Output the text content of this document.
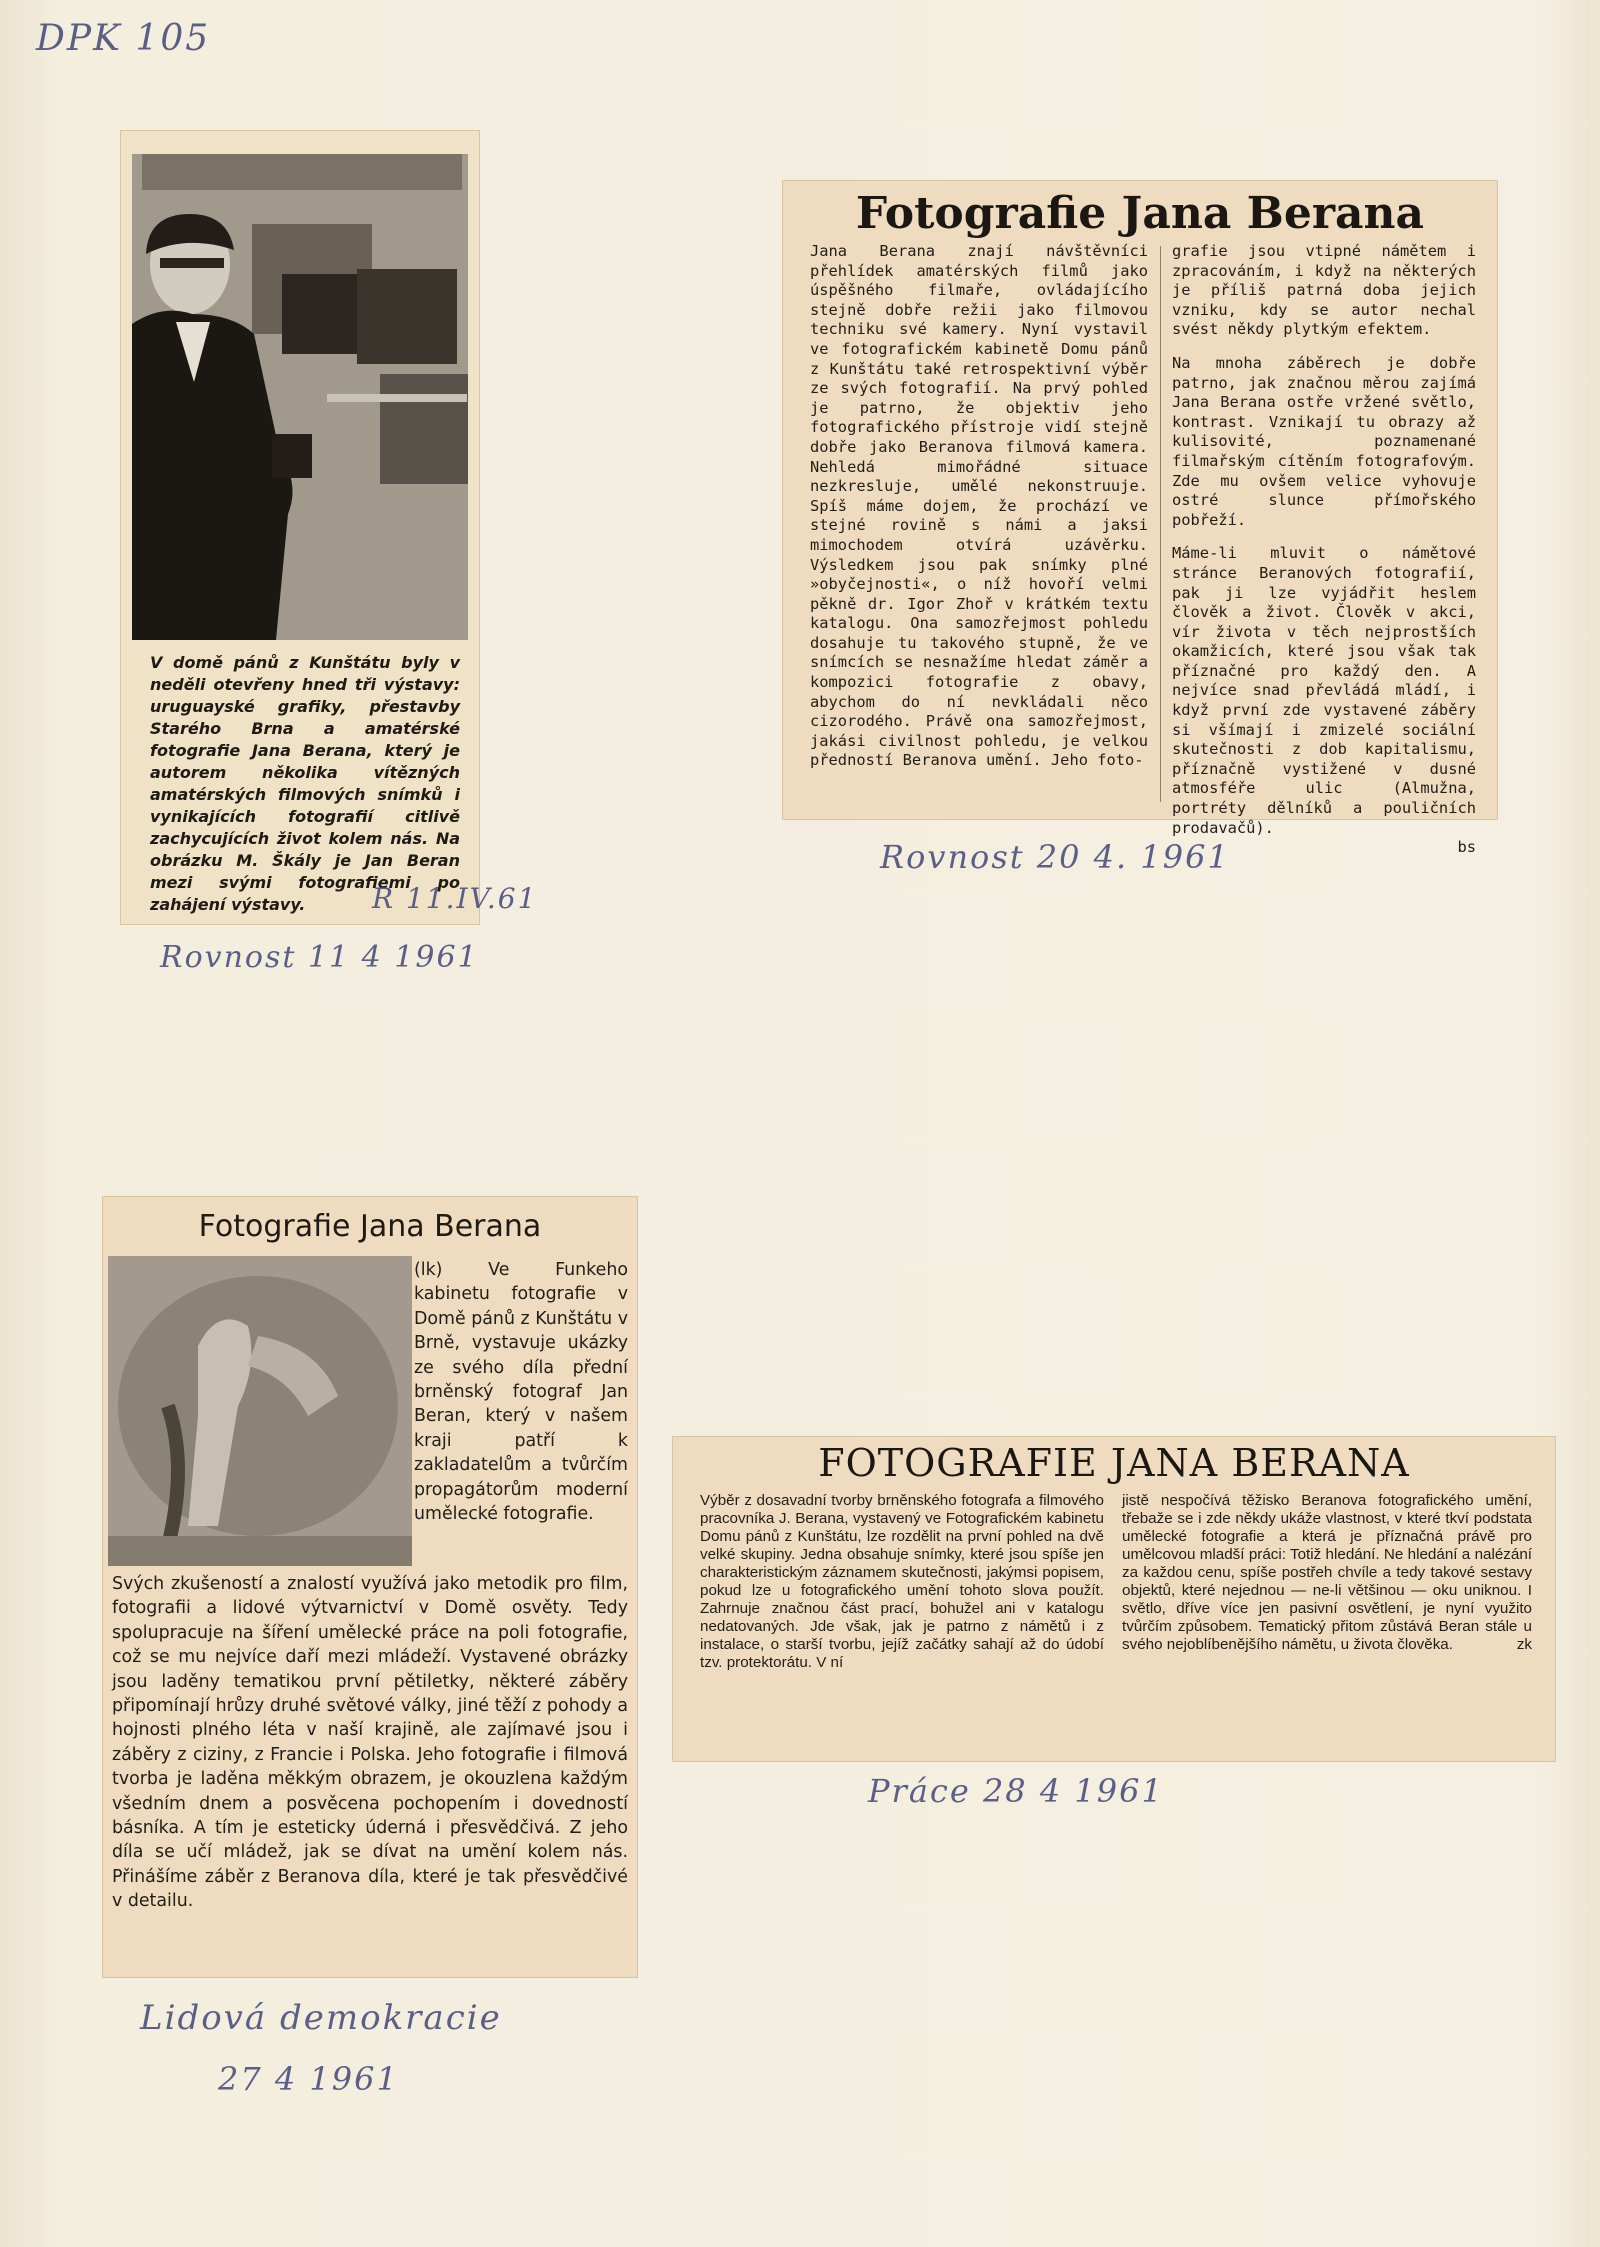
DPK 105

V domě pánů z Kunštátu byly v neděli otevřeny hned tři výstavy: uruguayské grafiky, přestavby Starého Brna a amatérské fotografie Jana Berana, který je autorem několika vítězných amatérských filmových snímků i vynikajících fotografií citlivě zachycujících život kolem nás. Na obrázku M. Škály je Jan Beran mezi svými fotografiemi po zahájení výstavy.	R 11.IV.61
Rovnost 11 4 1961
Fotografie Jana Berana

Jana Berana znají návštěvníci přehlídek amatérských filmů jako úspěšného filmaře, ovládajícího stejně dobře režii jako filmovou techniku své kamery. Nyní vystavil ve fotografickém kabinetě Domu pánů z Kunštátu také retrospektivní výběr ze svých fotografií. Na prvý pohled je patrno, že objektiv jeho fotografického přístroje vidí stejně dobře jako Beranova filmová kamera. Nehledá mimořádné situace nezkresluje, umělé nekonstruuje. Spíš máme dojem, že prochází ve stejné rovině s námi a jaksi mimochodem otvírá uzávěrku. Výsledkem jsou pak snímky plné »obyčejnosti«, o níž hovoří velmi pěkně dr. Igor Zhoř v krátkém textu katalogu. Ona samozřejmost pohledu dosahuje tu takového stupně, že ve snímcích se nesnažíme hledat záměr a kompozici fotografie z obavy, abychom do ní nevkládali něco cizorodého. Právě ona samozřejmost, jakási civilnost pohledu, je velkou předností Beranova umění. Jeho foto-

grafie jsou vtipné námětem i zpracováním, i když na některých je příliš patrná doba jejich vzniku, kdy se autor nechal svést někdy plytkým efektem.

Na mnoha záběrech je dobře patrno, jak značnou měrou zajímá Jana Berana ostře vržené světlo, kontrast. Vznikají tu obrazy až kulisovité, poznamenané filmařským cítěním fotografovým. Zde mu ovšem velice vyhovuje ostré slunce přímořského pobřeží.

Máme-li mluvit o námětové stránce Beranových fotografií, pak ji lze vyjádřit heslem člověk a život. Člověk v akci, vír života v těch nejprostších okamžicích, které jsou však tak příznačné pro každý den. A nejvíce snad převládá mládí, i když první zde vystavené záběry si všímají i zmizelé sociální skutečnosti z dob kapitalismu, příznačně vystižené v dusné atmosféře ulic (Almužna, portréty dělníků a pouličních prodavačů).

bs

Rovnost 20 4. 1961
Fotografie Jana Berana

(lk) Ve Funkeho kabinetu fotografie v Domě pánů z Kunštátu v Brně, vystavuje ukázky ze svého díla přední brněnský fotograf Jan Beran, který v našem kraji patří k zakladatelům a tvůrčím propagátorům moderní umělecké fotografie.

Svých zkušeností a znalostí využívá jako metodik pro film, fotografii a lidové výtvarnictví v Domě osvěty. Tedy spolupracuje na šíření umělecké práce na poli fotografie, což se mu nejvíce daří mezi mládeží. Vystavené obrázky jsou laděny tematikou první pětiletky, některé záběry připomínají hrůzy druhé světové války, jiné těží z pohody a hojnosti plného léta v naší krajině, ale zajímavé jsou i záběry z ciziny, z Francie i Polska. Jeho fotografie i filmová tvorba je laděna měkkým obrazem, je okouzlena každým všedním dnem a posvěcena pochopením i dovedností básníka. A tím je esteticky úderná i přesvědčivá. Z jeho díla se učí mládež, jak se dívat na umění kolem nás. Přinášíme záběr z Beranova díla, které je tak přesvědčivé v detailu.

Lidová demokracie
27 4 1961
FOTOGRAFIE JANA BERANA

Výběr z dosavadní tvorby brněnského fotografa a filmového pracovníka J. Berana, vystavený ve Fotografickém kabinetu Domu pánů z Kunštátu, lze rozdělit na první pohled na dvě velké skupiny. Jedna obsahuje snímky, které jsou spíše jen charakteristickým záznamem skutečnosti, jakýmsi popisem, pokud lze u fotografického umění tohoto slova použít. Zahrnuje značnou část prací, bohužel ani v katalogu nedatovaných. Jde však, jak je patrno z námětů i z instalace, o starší tvorbu, jejíž začátky sahají až do údobí tzv. protektorátu. V ní

jistě nespočívá těžisko Beranova fotografického umění, třebaže se i zde někdy ukáže vlastnost, v které tkví podstata umělecké fotografie a která je příznačná právě pro umělcovou mladší práci: Totiž hledání. Ne hledání a nalézání za každou cenu, spíše postřeh chvíle a tedy takové sestavy objektů, které nejednou — ne-li většinou — oku uniknou. I světlo, dříve více jen pasivní osvětlení, je nyní využito tvůrčím způsobem. Tematický přitom zůstává Beran stále u svého nejoblíbenějšího námětu, u života člověka.	zk

Práce 28 4 1961
